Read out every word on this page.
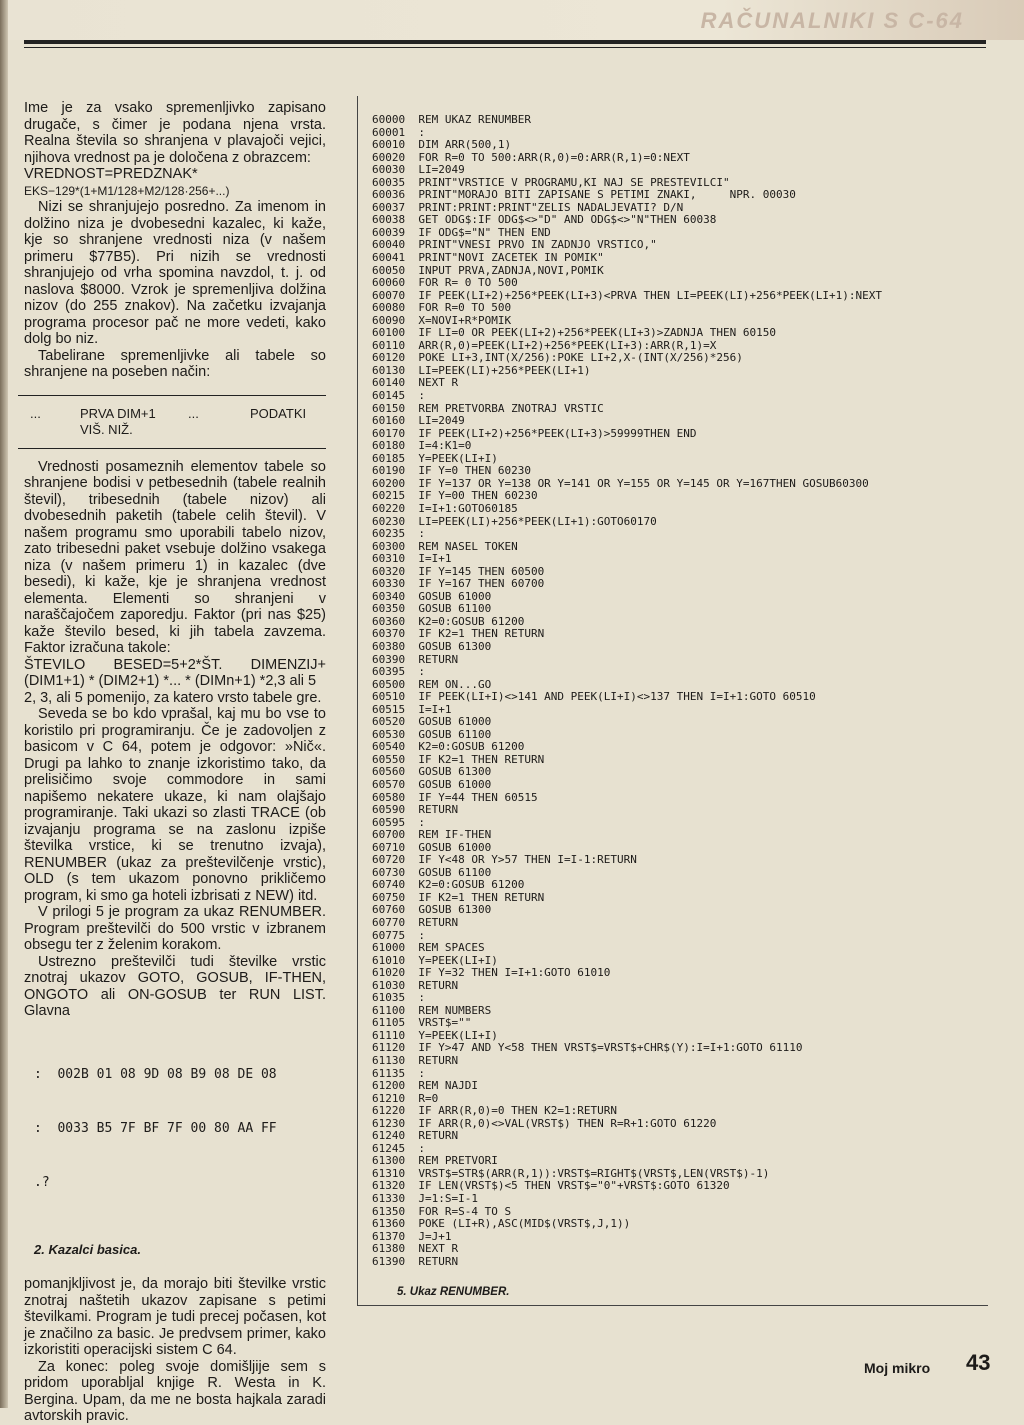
RAČUNALNIKI S C-64

Ime je za vsako spremenljivko zapisano drugače, s čimer je podana njena vrsta. Realna števila so shranjena v plavajoči vejici, njihova vrednost pa je določena z obrazcem:

VREDNOST=PREDZNAK*

EKS−129*(1+M1/128+M2/128·256+...)

Nizi se shranjujejo posredno. Za imenom in dolžino niza je dvobesedni kazalec, ki kaže, kje so shranjene vrednosti niza (v našem primeru $77B5). Pri nizih se vrednosti shranjujejo od vrha spomina navzdol, t. j. od naslova $8000. Vzrok je spremenljiva dolžina nizov (do 255 znakov). Na začetku izvajanja programa procesor pač ne more vedeti, kako dolg bo niz.

Tabelirane spremenljivke ali tabele so shranjene na poseben način:

...	PRVA DIM+1
VIŠ. NIŽ.
...	PODATKI

Vrednosti posameznih elementov tabele so shranjene bodisi v petbesednih (tabele realnih števil), tribesednih (tabele nizov) ali dvobesednih paketih (tabele celih števil). V našem programu smo uporabili tabelo nizov, zato tribesedni paket vsebuje dolžino vsakega niza (v našem primeru 1) in kazalec (dve besedi), ki kaže, kje je shranjena vrednost elementa. Elementi so shranjeni v naraščajočem zaporedju. Faktor (pri nas $25) kaže število besed, ki jih tabela zavzema. Faktor izračuna takole:

ŠTEVILO BESED=5+2*ŠT. DIMENZIJ+(DIM1+1) * (DIM2+1) *... * (DIMn+1) *2,3 ali 5

2, 3, ali 5 pomenijo, za katero vrsto tabele gre.

Seveda se bo kdo vprašal, kaj mu bo vse to koristilo pri programiranju. Če je zadovoljen z basicom v C 64, potem je odgovor: »Nič«. Drugi pa lahko to znanje izkoristimo tako, da prelisičimo svoje commodore in sami napišemo nekatere ukaze, ki nam olajšajo programiranje. Taki ukazi so zlasti TRACE (ob izvajanju programa se na zaslonu izpiše številka vrstice, ki se trenutno izvaja), RENUMBER (ukaz za preštevilčenje vrstic), OLD (s tem ukazom ponovno prikličemo program, ki smo ga hoteli izbrisati z NEW) itd.

V prilogi 5 je program za ukaz RENUMBER. Program preštevilči do 500 vrstic v izbranem obsegu ter z želenim korakom.

Ustrezno preštevilči tudi številke vrstic znotraj ukazov GOTO, GOSUB, IF-THEN, ONGOTO ali ON-GOSUB ter RUN LIST. Glavna

:  002B 01 08 9D 08 B9 08 DE 08

:  0033 B5 7F BF 7F 00 80 AA FF

.?

2. Kazalci basica.

pomanjkljivost je, da morajo biti številke vrstic znotraj naštetih ukazov zapisane s petimi številkami. Program je tudi precej počasen, kot je značilno za basic. Je predvsem primer, kako izkoristiti operacijski sistem C 64.

Za konec: poleg svoje domišljije sem s pridom uporabljal knjige R. Westa in K. Bergina. Upam, da me ne bosta hajkala zaradi avtorskih pravic.

60000  REM UKAZ RENUMBER
60001  :
60010  DIM ARR(500,1)
60020  FOR R=0 TO 500:ARR(R,0)=0:ARR(R,1)=0:NEXT
60030  LI=2049
60035  PRINT"VRSTICE V PROGRAMU,KI NAJ SE PRESTEVILCI"
60036  PRINT"MORAJO BITI ZAPISANE S PETIMI ZNAKI,     NPR. 00030
60037  PRINT:PRINT:PRINT"ZELIS NADALJEVATI? D/N
60038  GET ODG$:IF ODG$<>"D" AND ODG$<>"N"THEN 60038
60039  IF ODG$="N" THEN END
60040  PRINT"VNESI PRVO IN ZADNJO VRSTICO,"
60041  PRINT"NOVI ZACETEK IN POMIK"
60050  INPUT PRVA,ZADNJA,NOVI,POMIK
60060  FOR R= 0 TO 500
60070  IF PEEK(LI+2)+256*PEEK(LI+3)<PRVA THEN LI=PEEK(LI)+256*PEEK(LI+1):NEXT
60080  FOR R=0 TO 500
60090  X=NOVI+R*POMIK
60100  IF LI=0 OR PEEK(LI+2)+256*PEEK(LI+3)>ZADNJA THEN 60150
60110  ARR(R,0)=PEEK(LI+2)+256*PEEK(LI+3):ARR(R,1)=X
60120  POKE LI+3,INT(X/256):POKE LI+2,X-(INT(X/256)*256)
60130  LI=PEEK(LI)+256*PEEK(LI+1)
60140  NEXT R
60145  :
60150  REM PRETVORBA ZNOTRAJ VRSTIC
60160  LI=2049
60170  IF PEEK(LI+2)+256*PEEK(LI+3)>59999THEN END
60180  I=4:K1=0
60185  Y=PEEK(LI+I)
60190  IF Y=0 THEN 60230
60200  IF Y=137 OR Y=138 OR Y=141 OR Y=155 OR Y=145 OR Y=167THEN GOSUB60300
60215  IF Y=00 THEN 60230
60220  I=I+1:GOTO60185
60230  LI=PEEK(LI)+256*PEEK(LI+1):GOTO60170
60235  :
60300  REM NASEL TOKEN
60310  I=I+1
60320  IF Y=145 THEN 60500
60330  IF Y=167 THEN 60700
60340  GOSUB 61000
60350  GOSUB 61100
60360  K2=0:GOSUB 61200
60370  IF K2=1 THEN RETURN
60380  GOSUB 61300
60390  RETURN
60395  :
60500  REM ON...GO
60510  IF PEEK(LI+I)<>141 AND PEEK(LI+I)<>137 THEN I=I+1:GOTO 60510
60515  I=I+1
60520  GOSUB 61000
60530  GOSUB 61100
60540  K2=0:GOSUB 61200
60550  IF K2=1 THEN RETURN
60560  GOSUB 61300
60570  GOSUB 61000
60580  IF Y=44 THEN 60515
60590  RETURN
60595  :
60700  REM IF-THEN
60710  GOSUB 61000
60720  IF Y<48 OR Y>57 THEN I=I-1:RETURN
60730  GOSUB 61100
60740  K2=0:GOSUB 61200
60750  IF K2=1 THEN RETURN
60760  GOSUB 61300
60770  RETURN
60775  :
61000  REM SPACES
61010  Y=PEEK(LI+I)
61020  IF Y=32 THEN I=I+1:GOTO 61010
61030  RETURN
61035  :
61100  REM NUMBERS
61105  VRST$=""
61110  Y=PEEK(LI+I)
61120  IF Y>47 AND Y<58 THEN VRST$=VRST$+CHR$(Y):I=I+1:GOTO 61110
61130  RETURN
61135  :
61200  REM NAJDI
61210  R=0
61220  IF ARR(R,0)=0 THEN K2=1:RETURN
61230  IF ARR(R,0)<>VAL(VRST$) THEN R=R+1:GOTO 61220
61240  RETURN
61245  :
61300  REM PRETVORI
61310  VRST$=STR$(ARR(R,1)):VRST$=RIGHT$(VRST$,LEN(VRST$)-1)
61320  IF LEN(VRST$)<5 THEN VRST$="0"+VRST$:GOTO 61320
61330  J=1:S=I-1
61350  FOR R=S-4 TO S
61360  POKE (LI+R),ASC(MID$(VRST$,J,1))
61370  J=J+1
61380  NEXT R
61390  RETURN
5. Ukaz RENUMBER.
Moj mikro 43
